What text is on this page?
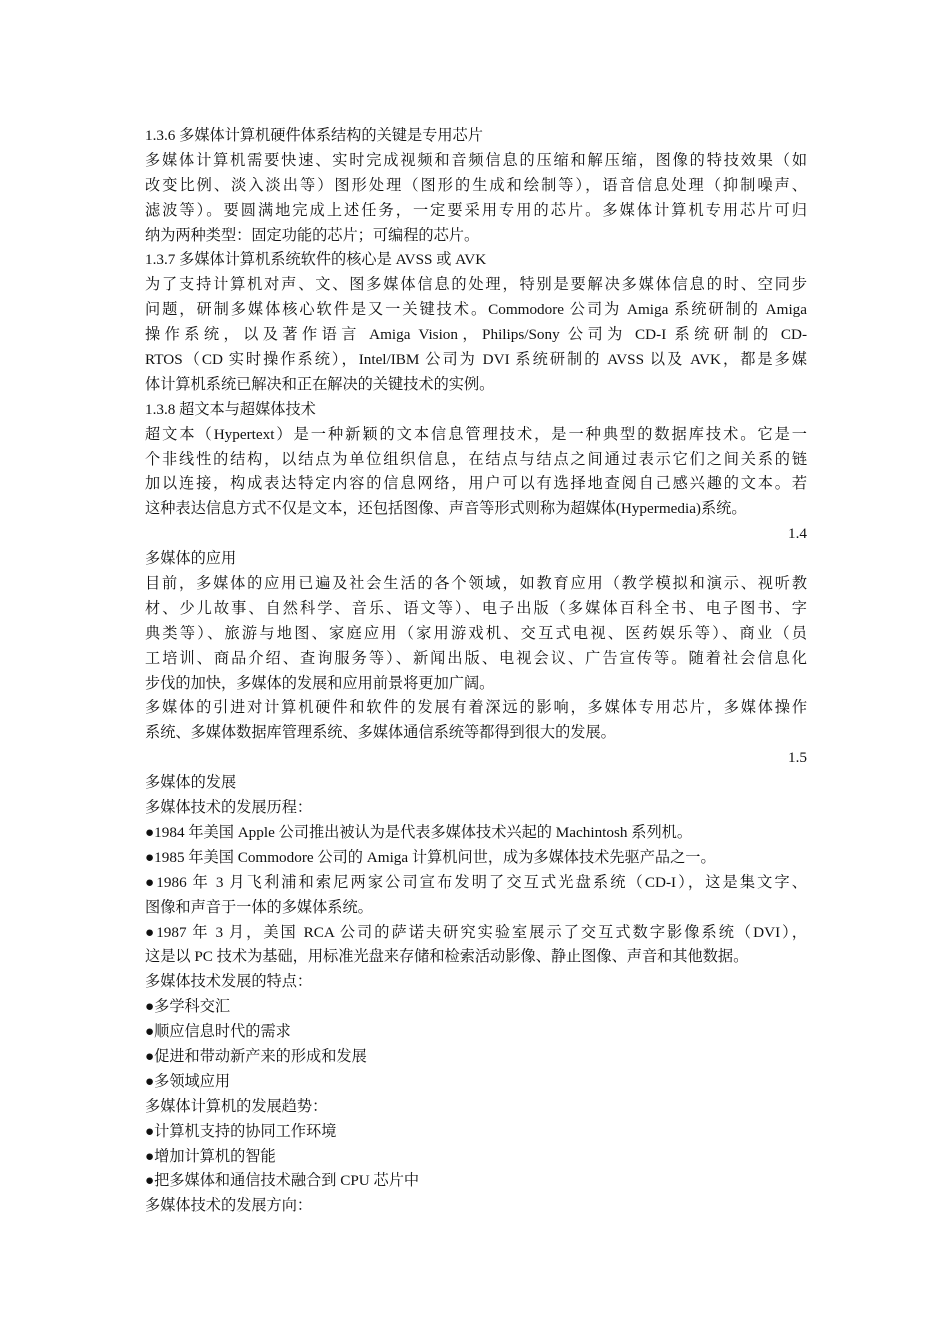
1.3.6 多媒体计算机硬件体系结构的关键是专用芯片
多媒体计算机需要快速、实时完成视频和音频信息的压缩和解压缩，图像的特技效果（如
改变比例、淡入淡出等）图形处理（图形的生成和绘制等），语音信息处理（抑制噪声、
滤波等）。要圆满地完成上述任务，一定要采用专用的芯片。多媒体计算机专用芯片可归
纳为两种类型：固定功能的芯片；可编程的芯片。
1.3.7 多媒体计算机系统软件的核心是 AVSS 或 AVK
为了支持计算机对声、文、图多媒体信息的处理，特别是要解决多媒体信息的时、空同步
问题，研制多媒体核心软件是又一关键技术。Commodore 公司为 Amiga 系统研制的 Amiga
操作系统，以及著作语言 Amiga Vision，Philips/Sony 公司为 CD-I 系统研制的 CD-
RTOS（CD 实时操作系统），Intel/IBM 公司为 DVI 系统研制的 AVSS 以及 AVK，都是多媒
体计算机系统已解决和正在解决的关键技术的实例。
1.3.8 超文本与超媒体技术
超文本（Hypertext）是一种新颖的文本信息管理技术，是一种典型的数据库技术。它是一
个非线性的结构，以结点为单位组织信息，在结点与结点之间通过表示它们之间关系的链
加以连接，构成表达特定内容的信息网络，用户可以有选择地查阅自己感兴趣的文本。若
这种表达信息方式不仅是文本，还包括图像、声音等形式则称为超媒体(Hypermedia)系统。
1.4
多媒体的应用
目前，多媒体的应用已遍及社会生活的各个领域，如教育应用（教学模拟和演示、视听教
材、少儿故事、自然科学、音乐、语文等）、电子出版（多媒体百科全书、电子图书、字
典类等）、旅游与地图、家庭应用（家用游戏机、交互式电视、医药娱乐等）、商业（员
工培训、商品介绍、查询服务等）、新闻出版、电视会议、广告宣传等。随着社会信息化
步伐的加快，多媒体的发展和应用前景将更加广阔。
多媒体的引进对计算机硬件和软件的发展有着深远的影响，多媒体专用芯片，多媒体操作
系统、多媒体数据库管理系统、多媒体通信系统等都得到很大的发展。
1.5
多媒体的发展
多媒体技术的发展历程：
●1984 年美国 Apple 公司推出被认为是代表多媒体技术兴起的 Machintosh 系列机。
●1985 年美国 Commodore 公司的 Amiga 计算机问世，成为多媒体技术先驱产品之一。
●1986 年 3 月飞利浦和索尼两家公司宣布发明了交互式光盘系统（CD-I），这是集文字、
图像和声音于一体的多媒体系统。
●1987 年 3 月，美国 RCA 公司的萨诺夫研究实验室展示了交互式数字影像系统（DVI），
这是以 PC 技术为基础，用标准光盘来存储和检索活动影像、静止图像、声音和其他数据。
多媒体技术发展的特点：
●多学科交汇
●顺应信息时代的需求
●促进和带动新产来的形成和发展
●多领域应用
多媒体计算机的发展趋势：
●计算机支持的协同工作环境
●增加计算机的智能
●把多媒体和通信技术融合到 CPU 芯片中
多媒体技术的发展方向：
